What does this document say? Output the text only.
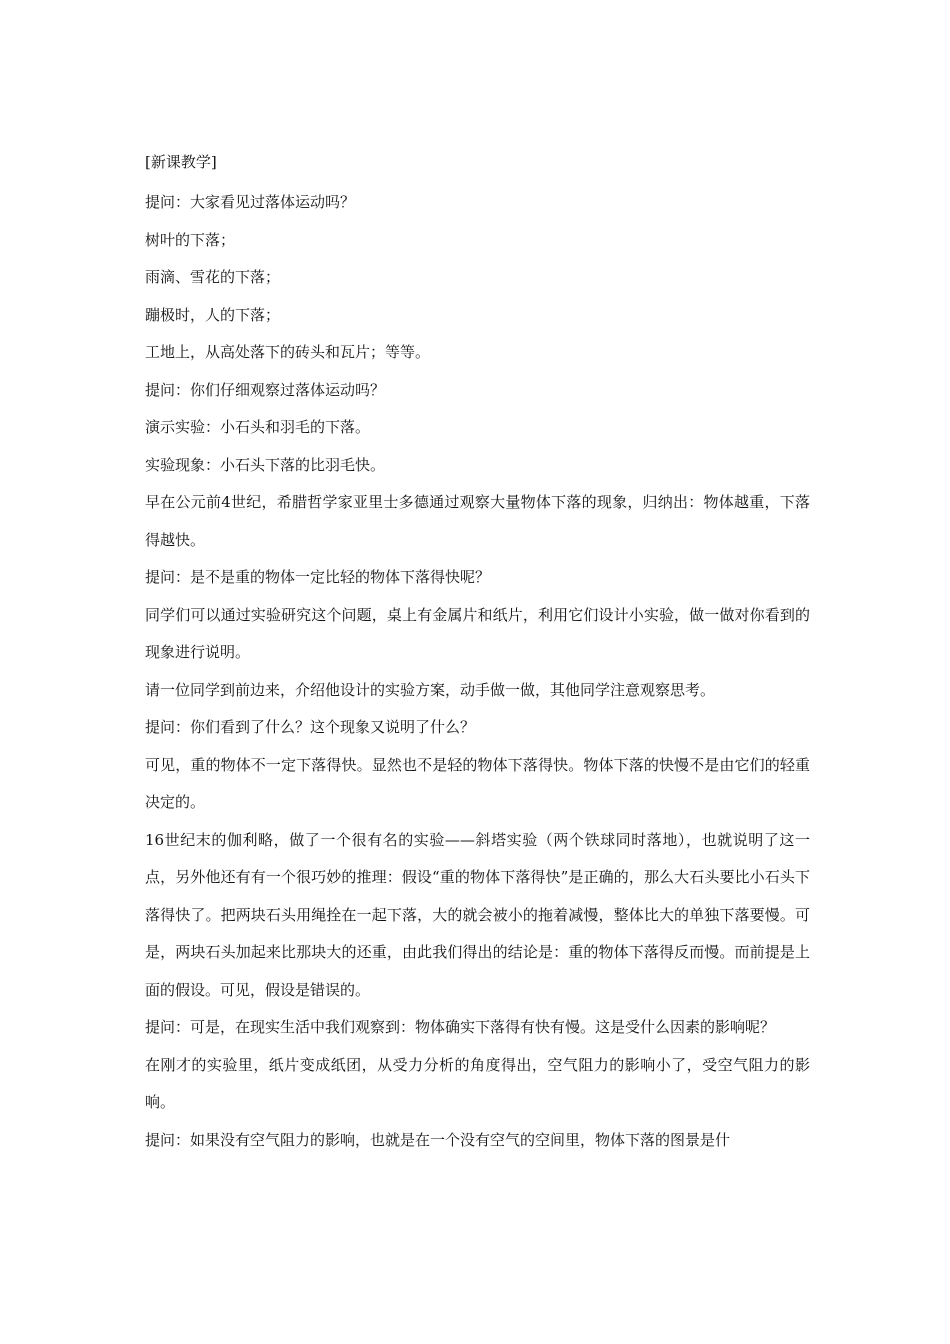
[新课教学]

提问：大家看见过落体运动吗？

树叶的下落；

雨滴、雪花的下落；

蹦极时，人的下落；

工地上，从高处落下的砖头和瓦片；等等。

提问：你们仔细观察过落体运动吗？

演示实验：小石头和羽毛的下落。

实验现象：小石头下落的比羽毛快。

早在公元前4世纪，希腊哲学家亚里士多德通过观察大量物体下落的现象，归纳出：物体越重，下落得越快。

提问：是不是重的物体一定比轻的物体下落得快呢？

同学们可以通过实验研究这个问题，桌上有金属片和纸片，利用它们设计小实验，做一做对你看到的现象进行说明。

请一位同学到前边来，介绍他设计的实验方案，动手做一做，其他同学注意观察思考。

提问：你们看到了什么？这个现象又说明了什么？

可见，重的物体不一定下落得快。显然也不是轻的物体下落得快。物体下落的快慢不是由它们的轻重决定的。

16世纪末的伽利略，做了一个很有名的实验——斜塔实验（两个铁球同时落地），也就说明了这一点，另外他还有有一个很巧妙的推理：假设“重的物体下落得快”是正确的，那么大石头要比小石头下落得快了。把两块石头用绳拴在一起下落，大的就会被小的拖着减慢，整体比大的单独下落要慢。可是，两块石头加起来比那块大的还重，由此我们得出的结论是：重的物体下落得反而慢。而前提是上面的假设。可见，假设是错误的。

提问：可是，在现实生活中我们观察到：物体确实下落得有快有慢。这是受什么因素的影响呢？

在刚才的实验里，纸片变成纸团，从受力分析的角度得出，空气阻力的影响小了，受空气阻力的影响。

提问：如果没有空气阻力的影响，也就是在一个没有空气的空间里，物体下落的图景是什
